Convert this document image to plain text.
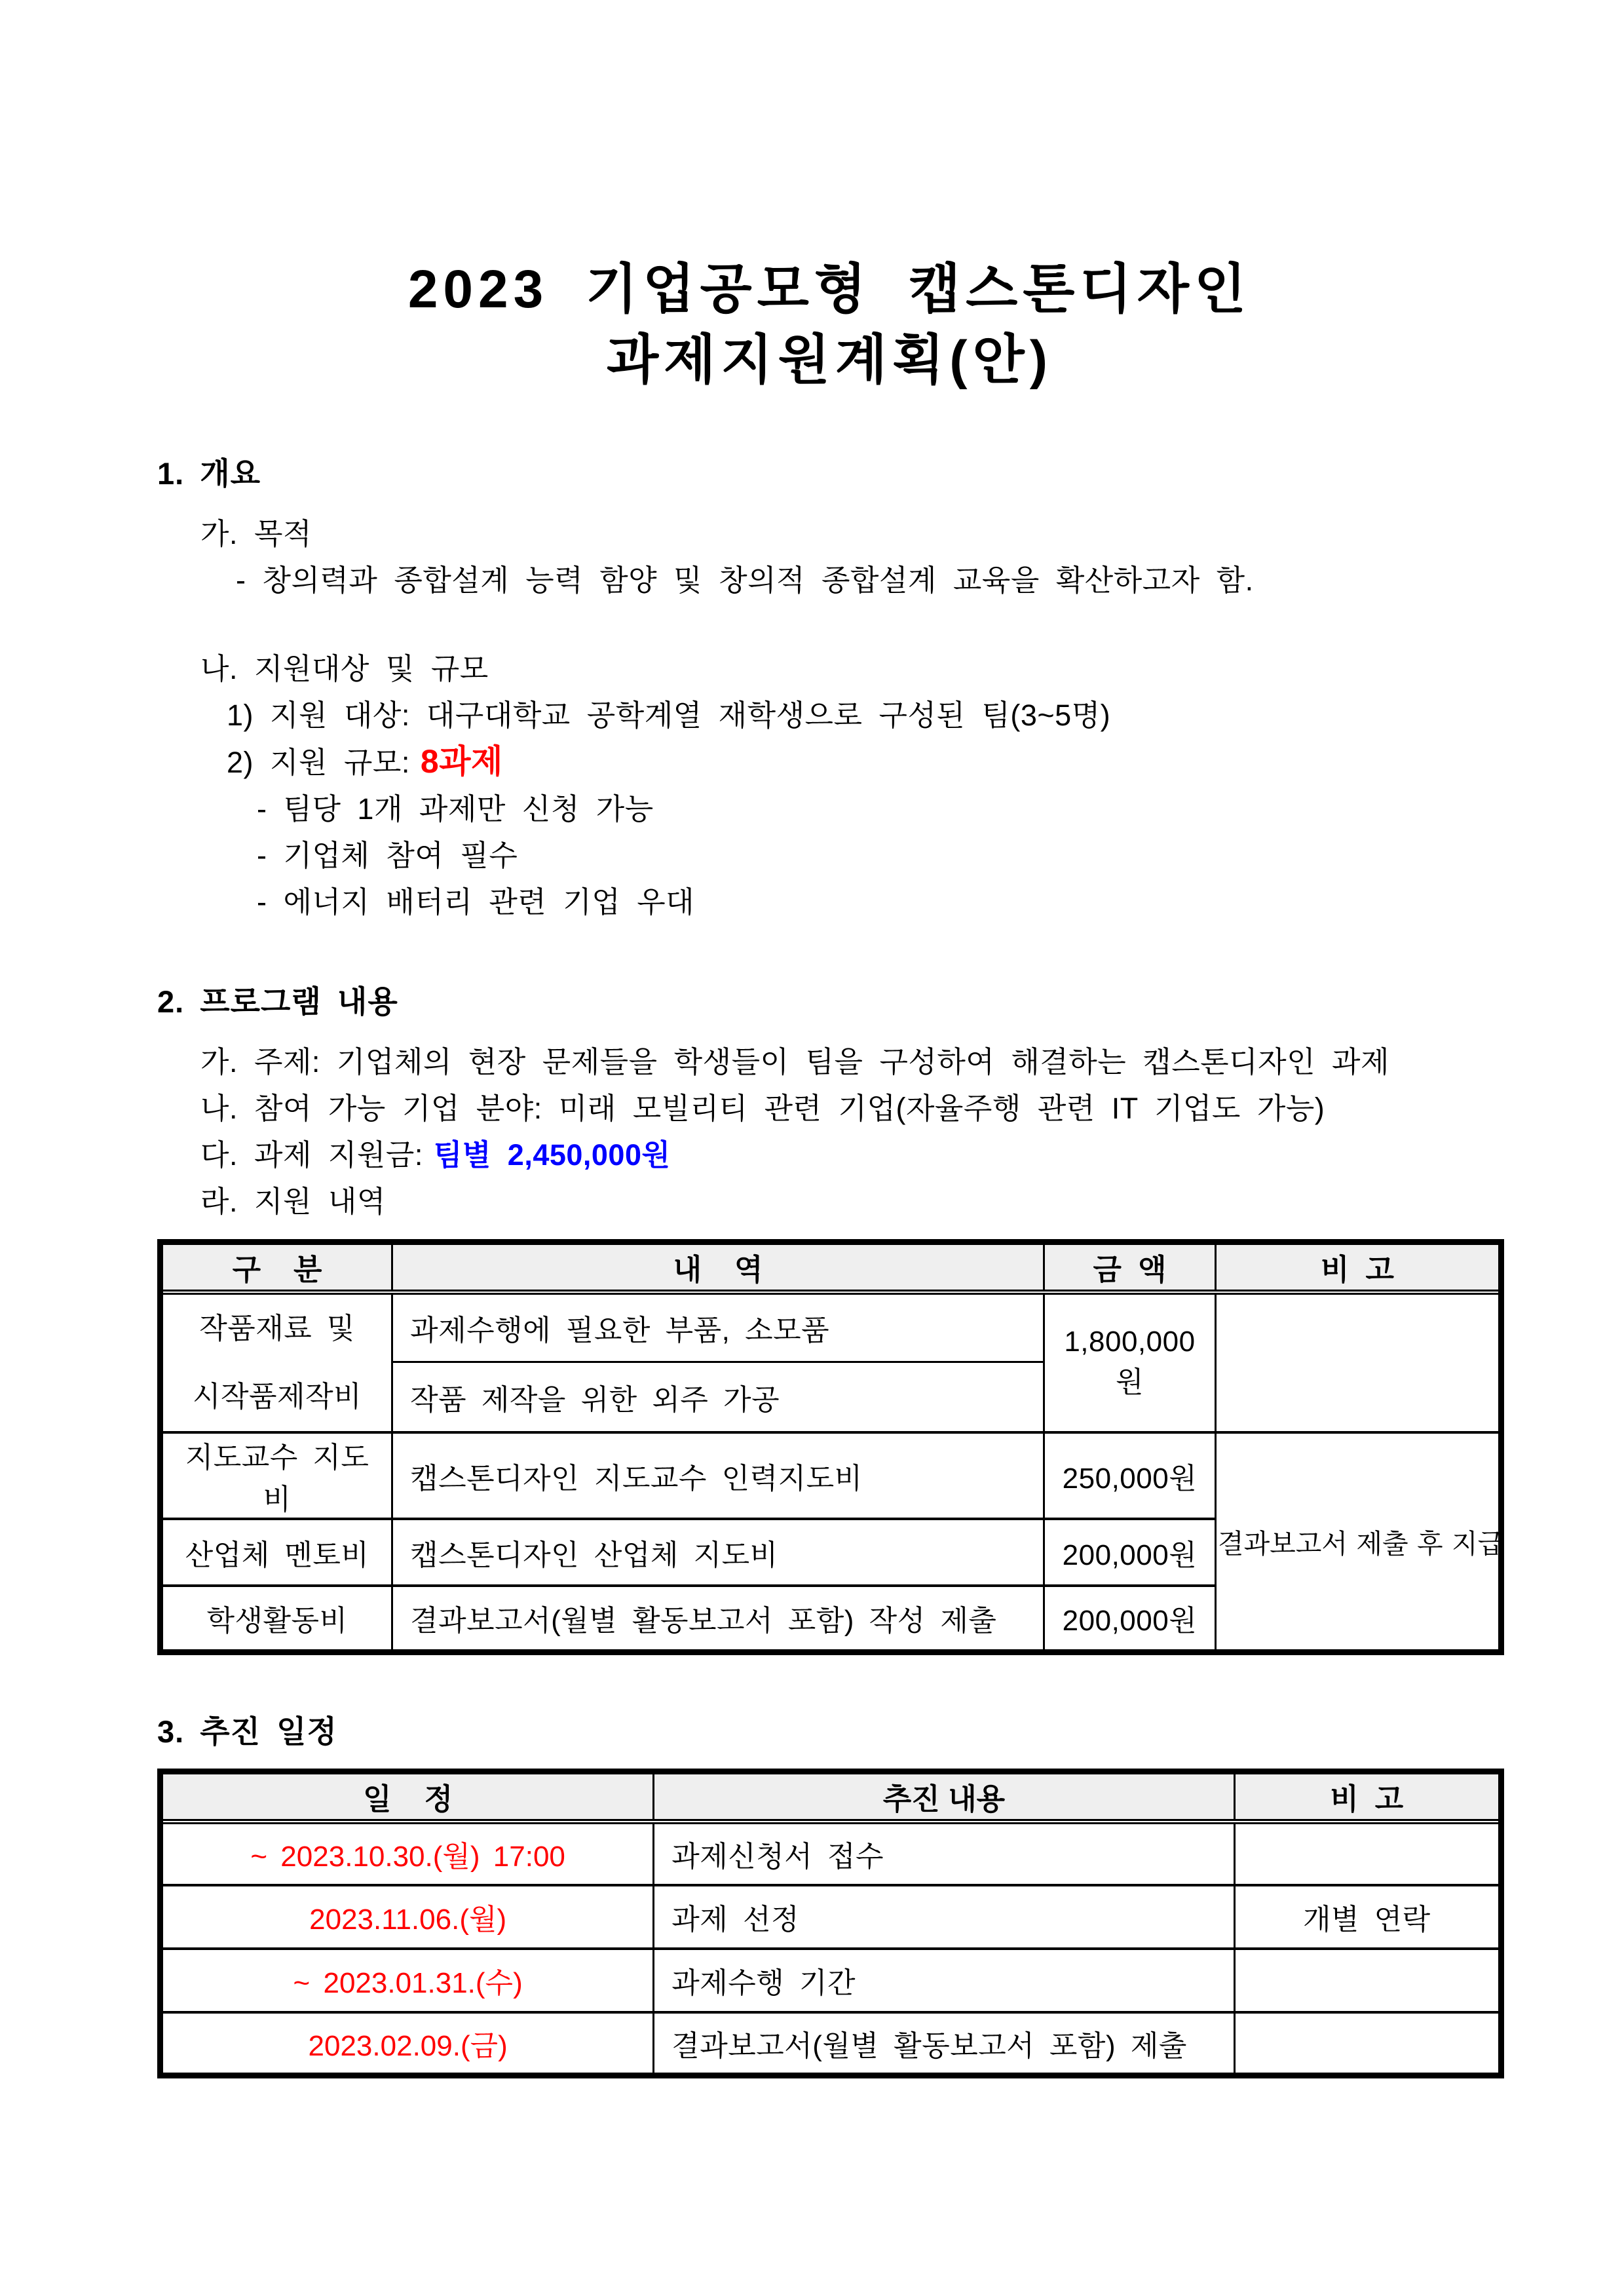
2023 기업공모형 캡스톤디자인
과제지원계획(안)
1. 개요
가. 목적
- 창의력과 종합설계 능력 함양 및 창의적 종합설계 교육을 확산하고자 함.
나. 지원대상 및 규모
1) 지원 대상: 대구대학교 공학계열 재학생으로 구성된 팀(3~5명)
2) 지원 규모: 8과제
- 팀당 1개 과제만 신청 가능
- 기업체 참여 필수
- 에너지 배터리 관련 기업 우대
2. 프로그램 내용
가. 주제: 기업체의 현장 문제들을 학생들이 팀을 구성하여 해결하는 캡스톤디자인 과제
나. 참여 가능 기업 분야: 미래 모빌리티 관련 기업(자율주행 관련 IT 기업도 가능)
다. 과제 지원금: 팀별 2,450,000원
라. 지원 내역
구    분	내    역	금  액	비  고

작품재료 및
시작품제작비	과제수행에 필요한 부품, 소모품	1,800,000원	
	작품 제작을 위한 외주 가공		
지도교수 지도비	캡스톤디자인 지도교수 인력지도비	250,000원	결과보고서 제출 후 지급
산업체 멘토비	캡스톤디자인 산업체 지도비	200,000원	
학생활동비	결과보고서(월별 활동보고서 포함) 작성 제출	200,000원	
3. 추진 일정
일    정	추진 내용	비  고
~ 2023.10.30.(월) 17:00	과제신청서 접수	
2023.11.06.(월)	과제 선정	개별 연락
~ 2023.01.31.(수)	과제수행 기간	
2023.02.09.(금)	결과보고서(월별 활동보고서 포함) 제출	
